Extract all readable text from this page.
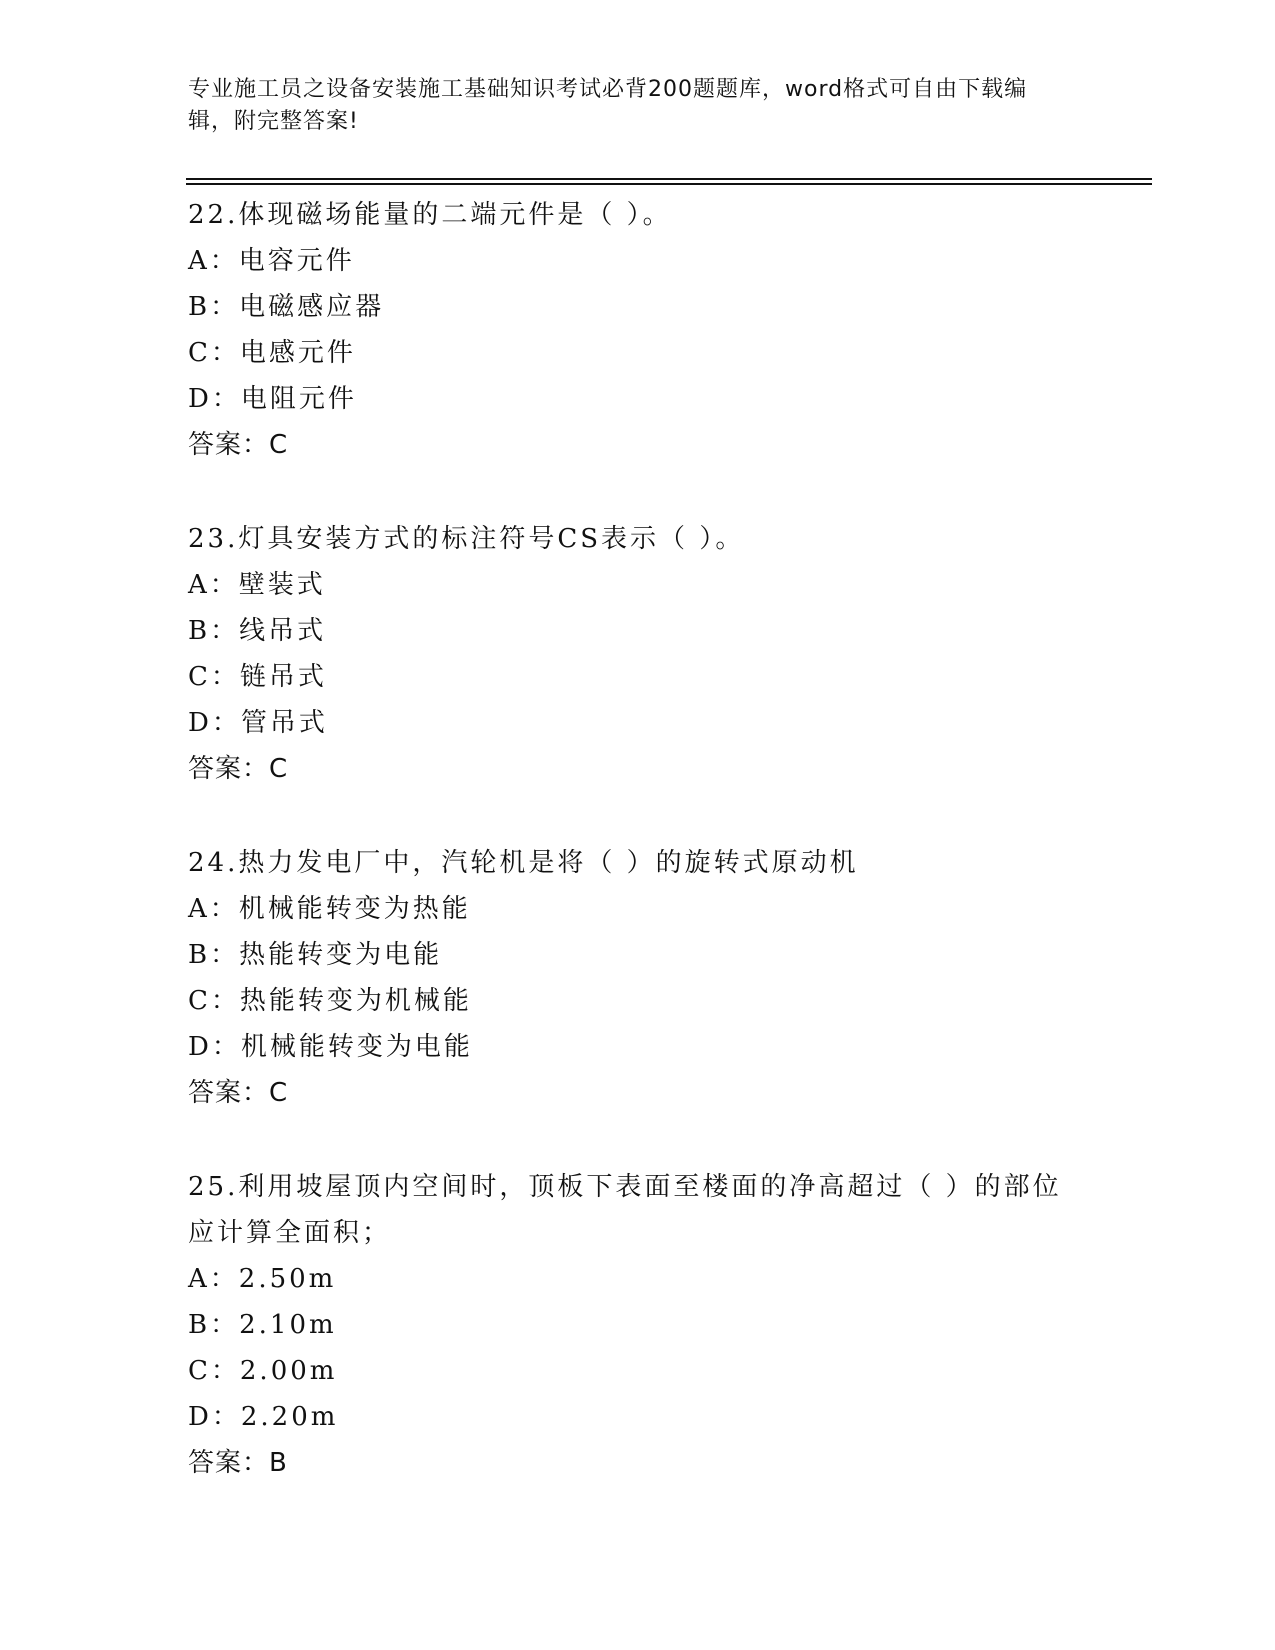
专业施工员之设备安装施工基础知识考试必背200题题库，word格式可自由下载编辑，附完整答案!
22.体现磁场能量的二端元件是（ ）。
A：电容元件
B：电磁感应器
C：电感元件
D：电阻元件
答案：C
23.灯具安装方式的标注符号CS表示（ ）。
A：壁装式
B：线吊式
C：链吊式
D：管吊式
答案：C
24.热力发电厂中，汽轮机是将（ ）的旋转式原动机
A：机械能转变为热能
B：热能转变为电能
C：热能转变为机械能
D：机械能转变为电能
答案：C
25.利用坡屋顶内空间时，顶板下表面至楼面的净高超过（ ）的部位应计算全面积；
A：2.50m
B：2.10m
C：2.00m
D：2.20m
答案：B
